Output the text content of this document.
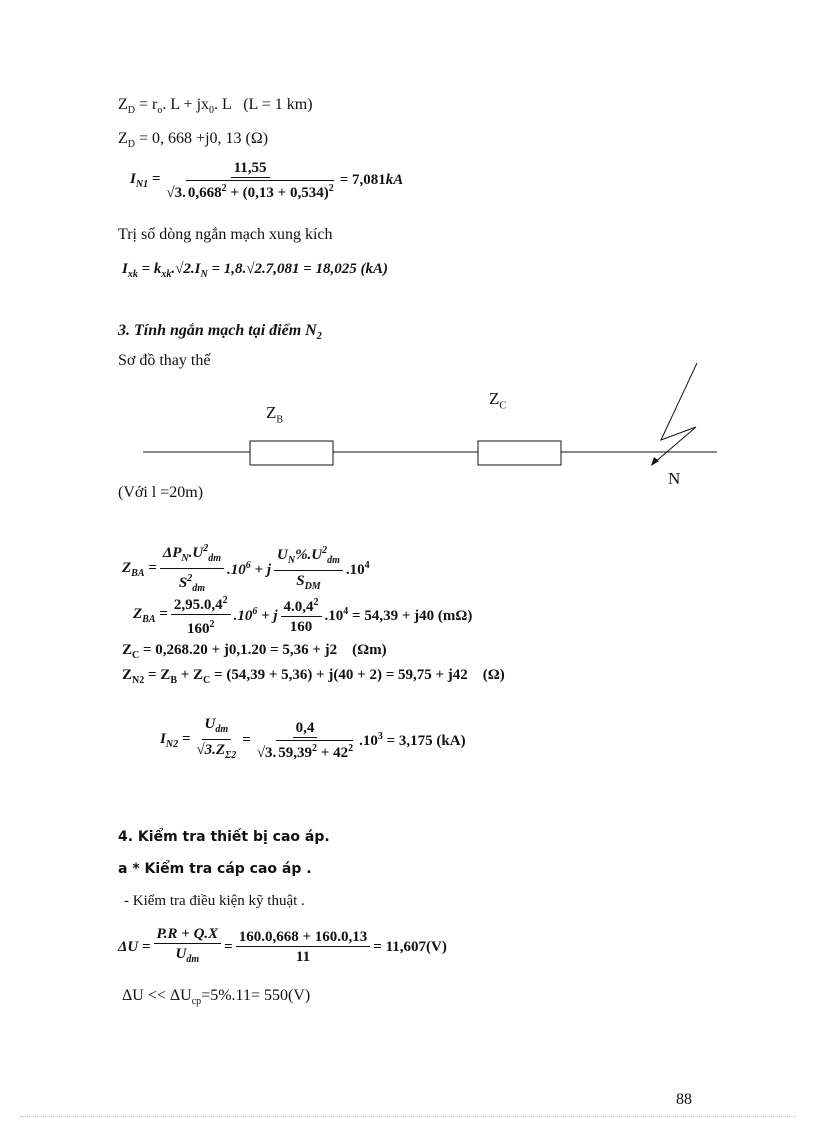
$Z_D = r_o$. $L + jx_0$. L   (L = 1 km)
$Z_D = 0$, 668 +j0, 13 (Ω)
$I_{N1} = \frac{11,55}{√3. 0,668^2 + (0,13 + 0,534)^2} = 7,081kA$
Trị số dòng ngắn mạch xung kích
$I_{xk} = k_{xk}.√2.I_N = 1,8.√2.7,081 = 18,025$ (kA)
3. Tính ngắn mạch tại điểm $N_2$
Sơ đồ thay thế
$Z_B$
$Z_C$
N
(Với l =20m)
$Z_{BA} = \frac{\Delta P_N.U^2_{dm}}{S^2_{dm}} .10^6 + j \frac{U_N\%.U^2_{dm}}{S_{DM}} .10^4$
$Z_{BA} = \frac{2,95.0,4^2}{160^2} .10^6 + j \frac{4.0,4^2}{160} .10^4 = 54,39 + j40$ (mΩ)
$Z_C = 0,268.20 + j0,1.20 = 5,36 + j2$    (Ωm)
$Z_{N2} = Z_B + Z_C = (54,39 + 5,36) + j(40 + 2) = 59,75 + j42$    (Ω)
$I_{N2} = \frac{U_{dm}}{√3.Z_{\Sigma 2}} = \frac{0,4}{√3. 59,39^2 + 42^2} .10^3 = 3,175$ (kA)
4. Kiểm tra thiết bị cao áp.
a * Kiểm tra cáp cao áp .
- Kiểm tra điều kiện kỹ thuật .
$\Delta U = \frac{P.R + Q.X}{U_{dm}} = \frac{160.0,668 + 160.0,13}{11} = 11,607(V)$
$\Delta U << \Delta U_{cp}=5\%.11= 550(V)$
88
